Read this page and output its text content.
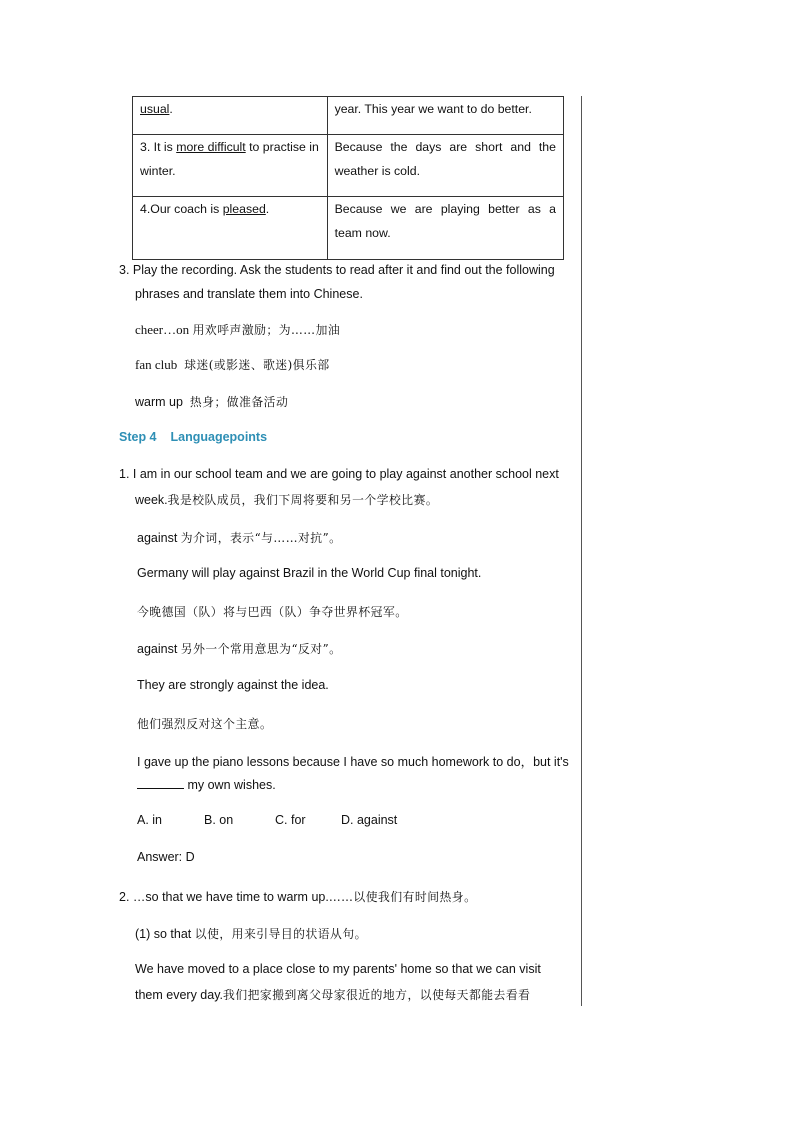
usual.	year. This year we want to do better.
3. It is more difficult to practise in winter.	Because the days are short and the weather is cold.
4.Our coach is pleased.	Because we are playing better as a team now.
3. Play the recording. Ask the students to read after it and find out the following
phrases and translate them into Chinese.
cheer…on 用欢呼声激励；为……加油
fan club 球迷(或影迷、歌迷)俱乐部
warm up 热身；做准备活动
Step 4 Languagepoints
1. I am in our school team and we are going to play against another school next
week.我是校队成员，我们下周将要和另一个学校比赛。
against 为介词，表示“与……对抗”。
Germany will play against Brazil in the World Cup final tonight.
今晚德国（队）将与巴西（队）争夺世界杯冠军。
against 另外一个常用意思为“反对”。
They are strongly against the idea.
他们强烈反对这个主意。
I gave up the piano lessons because I have so much homework to do，but it's
my own wishes.
A. in	B. on	C. for	D. against
Answer: D
2. …so that we have time to warm up.……以使我们有时间热身。
(1) so that 以使，用来引导目的状语从句。
We have moved to a place close to my parents' home so that we can visit
them every day.我们把家搬到离父母家很近的地方，以使每天都能去看看
